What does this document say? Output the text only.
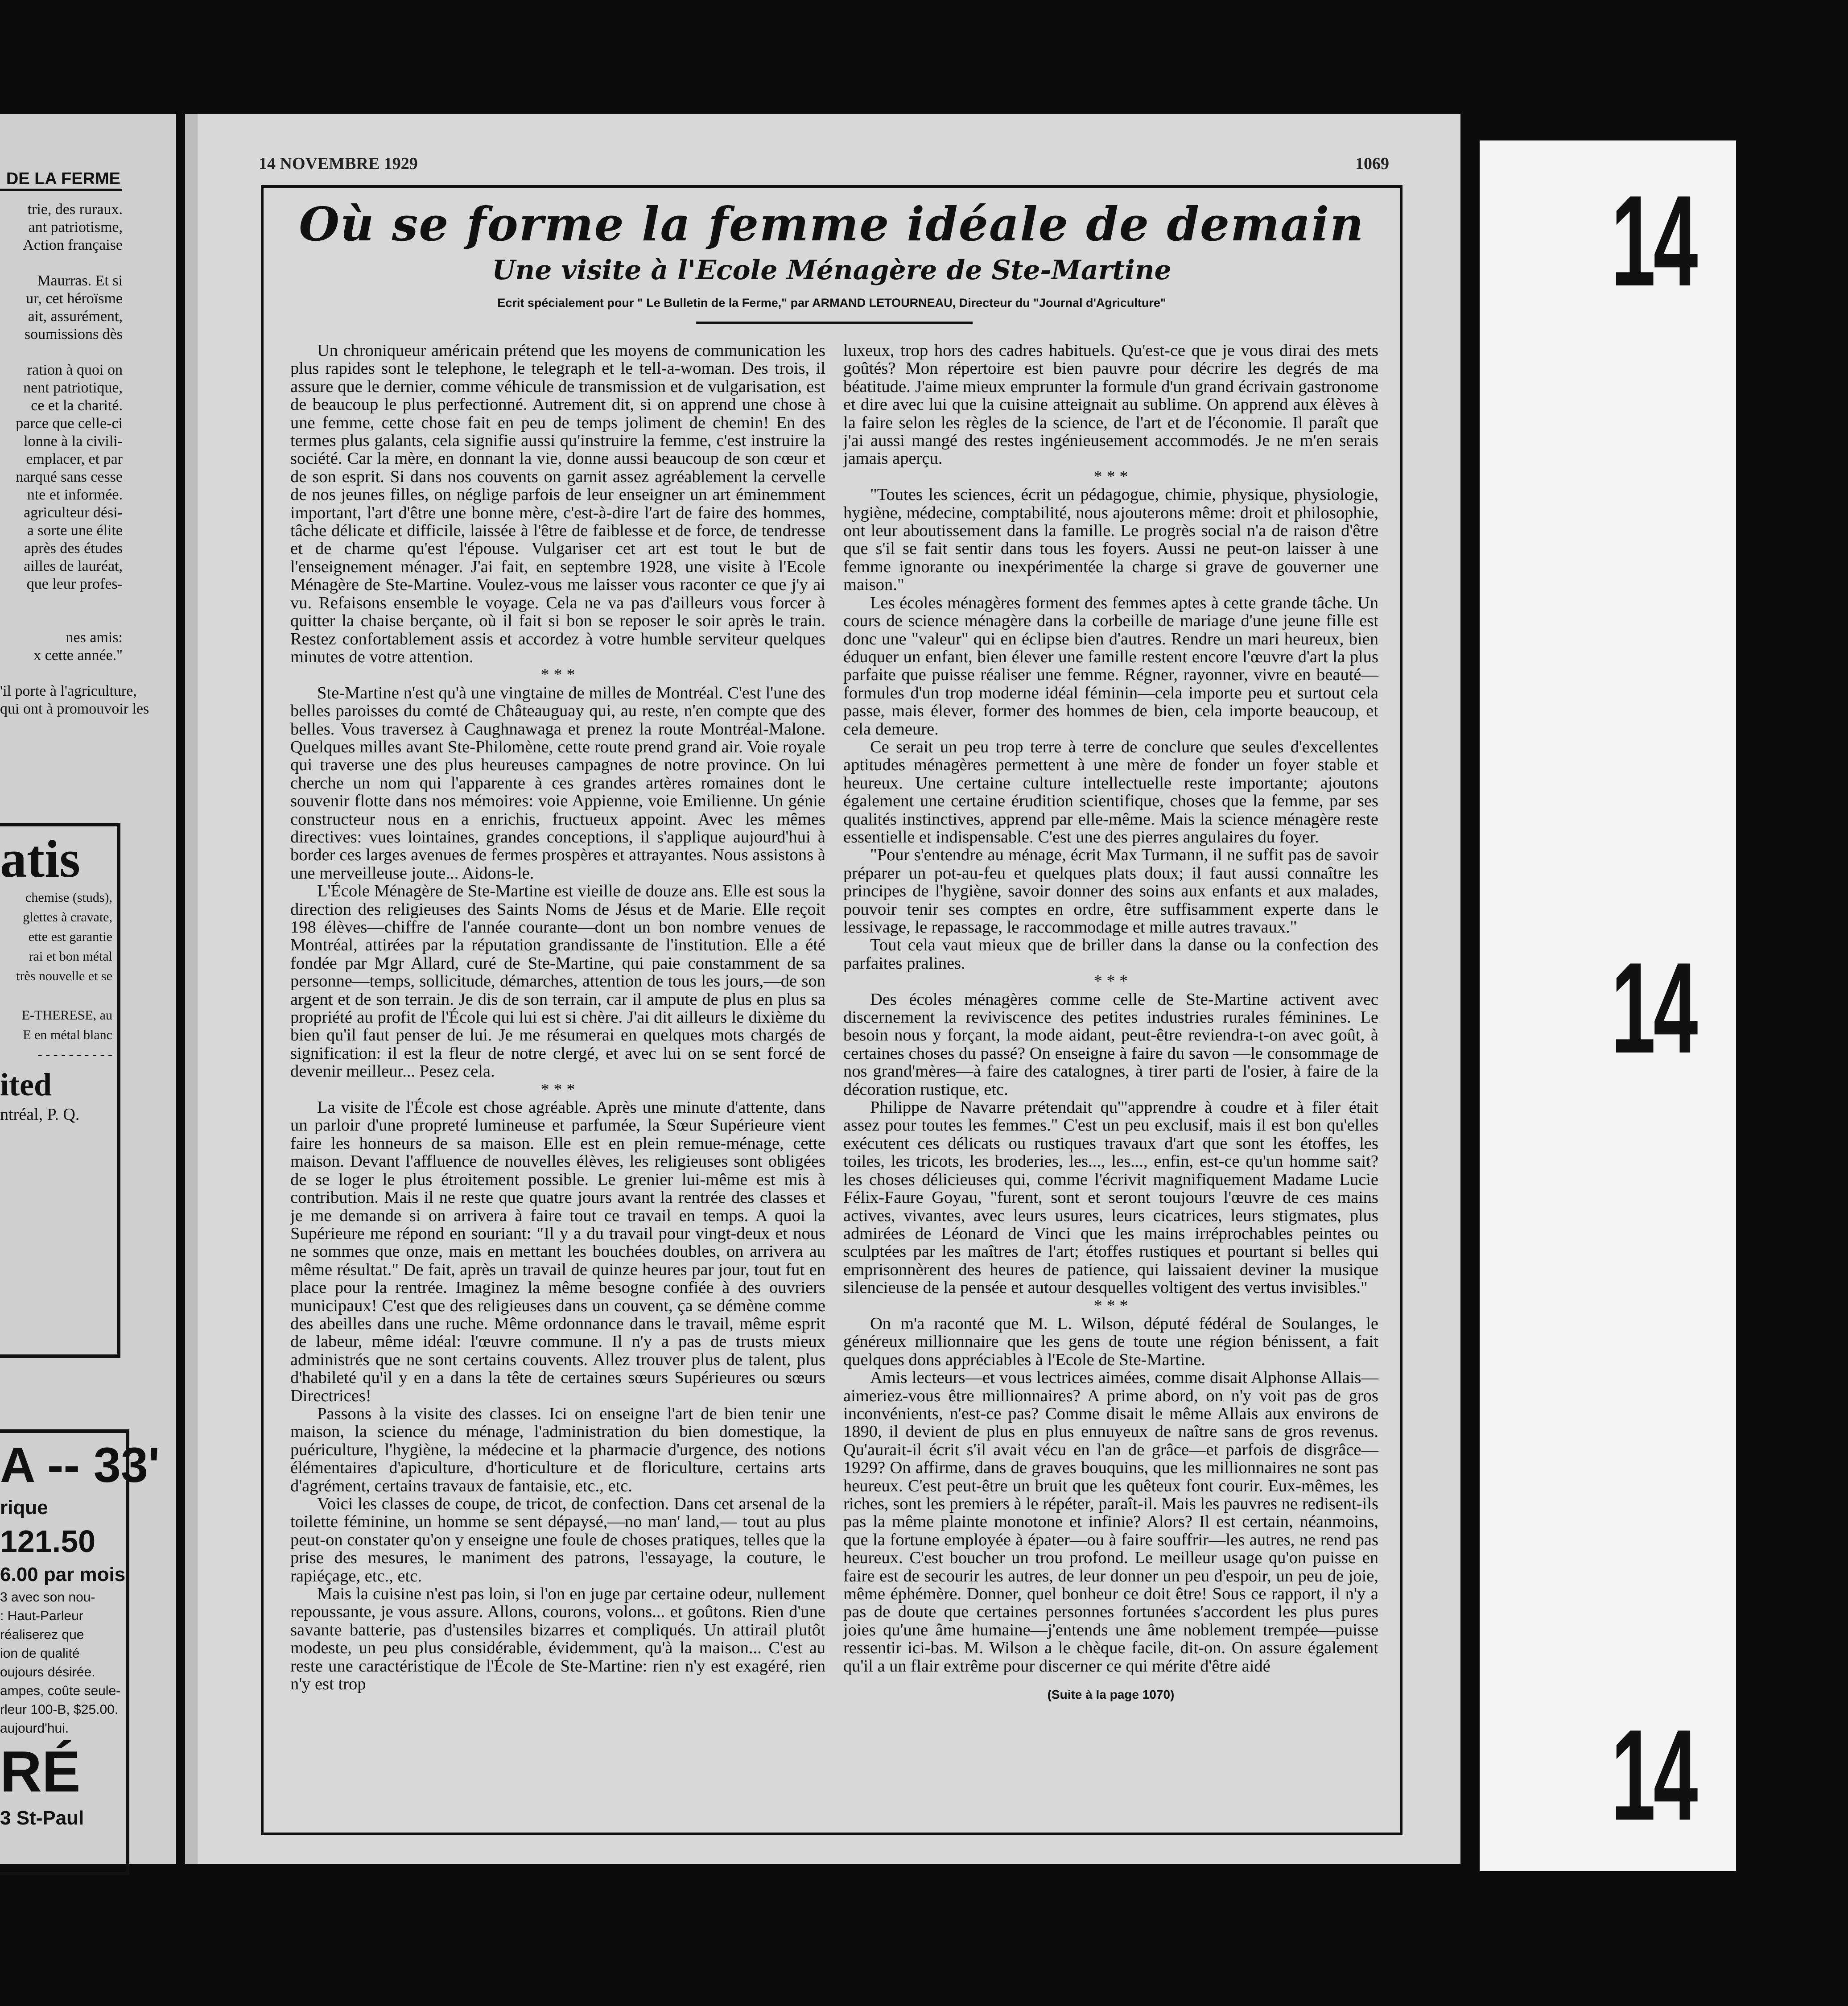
DE LA FERME
trie, des ruraux.
ant patriotisme,
Action française

Maurras. Et si
ur, cet héroïsme
ait, assurément,
soumissions dès

ration à quoi on
nent patriotique,
ce et la charité.
parce que celle-ci
lonne à la civili-
emplacer, et par
narqué sans cesse
nte et informée.
agriculteur dési-
a sorte une élite
après des études
ailles de lauréat,
que leur profes-

nes amis:
x cette année."

'il porte à l'agriculture,
qui ont à promouvoir les
atis
chemise (studs),
glettes à cravate,
ette est garantie
rai et bon métal
très nouvelle et se

E-THERESE, au
E en métal blanc
- - - - - - - - - -
ited
ntréal, P. Q.
A -- 33'
rique
121.50
6.00 par mois
3 avec son nou-
: Haut-Parleur
réaliserez que
ion de qualité
oujours désirée.
ampes, coûte seule-
rleur 100-B, $25.00.
aujourd'hui.
RÉ
3 St-Paul
14 NOVEMBRE 1929	1069
Où se forme la femme idéale de demain
Une visite à l'Ecole Ménagère de Ste-Martine
Ecrit spécialement pour " Le Bulletin de la Ferme," par ARMAND LETOURNEAU, Directeur du "Journal d'Agriculture"

Un chroniqueur américain prétend que les moyens de communication les plus rapides sont le telephone, le telegraph et le tell-a-woman. Des trois, il assure que le dernier, comme véhicule de transmission et de vulgarisation, est de beaucoup le plus perfectionné. Autrement dit, si on apprend une chose à une femme, cette chose fait en peu de temps joliment de chemin! En des termes plus galants, cela signifie aussi qu'instruire la femme, c'est instruire la société. Car la mère, en donnant la vie, donne aussi beaucoup de son cœur et de son esprit. Si dans nos couvents on garnit assez agréablement la cervelle de nos jeunes filles, on néglige parfois de leur enseigner un art éminemment important, l'art d'être une bonne mère, c'est-à-dire l'art de faire des hommes, tâche délicate et difficile, laissée à l'être de faiblesse et de force, de tendresse et de charme qu'est l'épouse. Vulgariser cet art est tout le but de l'enseignement ménager. J'ai fait, en septembre 1928, une visite à l'Ecole Ménagère de Ste-Martine. Voulez-vous me laisser vous raconter ce que j'y ai vu. Refaisons ensemble le voyage. Cela ne va pas d'ailleurs vous forcer à quitter la chaise berçante, où il fait si bon se reposer le soir après le train. Restez confortablement assis et accordez à votre humble serviteur quelques minutes de votre attention.

* * *

Ste-Martine n'est qu'à une vingtaine de milles de Montréal. C'est l'une des belles paroisses du comté de Châteauguay qui, au reste, n'en compte que des belles. Vous traversez à Caughnawaga et prenez la route Montréal-Malone. Quelques milles avant Ste-Philomène, cette route prend grand air. Voie royale qui traverse une des plus heureuses campagnes de notre province. On lui cherche un nom qui l'apparente à ces grandes artères romaines dont le souvenir flotte dans nos mémoires: voie Appienne, voie Emilienne. Un génie constructeur nous en a enrichis, fructueux appoint. Avec les mêmes directives: vues lointaines, grandes conceptions, il s'applique aujourd'hui à border ces larges avenues de fermes prospères et attrayantes. Nous assistons à une merveilleuse joute... Aidons-le.

L'École Ménagère de Ste-Martine est vieille de douze ans. Elle est sous la direction des religieuses des Saints Noms de Jésus et de Marie. Elle reçoit 198 élèves—chiffre de l'année courante—dont un bon nombre venues de Montréal, attirées par la réputation grandissante de l'institution. Elle a été fondée par Mgr Allard, curé de Ste-Martine, qui paie constamment de sa personne—temps, sollicitude, démarches, attention de tous les jours,—de son argent et de son terrain. Je dis de son terrain, car il ampute de plus en plus sa propriété au profit de l'École qui lui est si chère. J'ai dit ailleurs le dixième du bien qu'il faut penser de lui. Je me résumerai en quelques mots chargés de signification: il est la fleur de notre clergé, et avec lui on se sent forcé de devenir meilleur... Pesez cela.

* * *

La visite de l'École est chose agréable. Après une minute d'attente, dans un parloir d'une propreté lumineuse et parfumée, la Sœur Supérieure vient faire les honneurs de sa maison. Elle est en plein remue-ménage, cette maison. Devant l'affluence de nouvelles élèves, les religieuses sont obligées de se loger le plus étroitement possible. Le grenier lui-même est mis à contribution. Mais il ne reste que quatre jours avant la rentrée des classes et je me demande si on arrivera à faire tout ce travail en temps. A quoi la Supérieure me répond en souriant: "Il y a du travail pour vingt-deux et nous ne sommes que onze, mais en mettant les bouchées doubles, on arrivera au même résultat." De fait, après un travail de quinze heures par jour, tout fut en place pour la rentrée. Imaginez la même besogne confiée à des ouvriers municipaux! C'est que des religieuses dans un couvent, ça se démène comme des abeilles dans une ruche. Même ordonnance dans le travail, même esprit de labeur, même idéal: l'œuvre commune. Il n'y a pas de trusts mieux administrés que ne sont certains couvents. Allez trouver plus de talent, plus d'habileté qu'il y en a dans la tête de certaines sœurs Supérieures ou sœurs Directrices!

Passons à la visite des classes. Ici on enseigne l'art de bien tenir une maison, la science du ménage, l'administration du bien domestique, la puériculture, l'hygiène, la médecine et la pharmacie d'urgence, des notions élémentaires d'apiculture, d'horticulture et de floriculture, certains arts d'agrément, certains travaux de fantaisie, etc., etc.

Voici les classes de coupe, de tricot, de confection. Dans cet arsenal de la toilette féminine, un homme se sent dépaysé,—no man' land,— tout au plus peut-on constater qu'on y enseigne une foule de choses pratiques, telles que la prise des mesures, le maniment des patrons, l'essayage, la couture, le rapiéçage, etc., etc.

Mais la cuisine n'est pas loin, si l'on en juge par certaine odeur, nullement repoussante, je vous assure. Allons, courons, volons... et goûtons. Rien d'une savante batterie, pas d'ustensiles bizarres et compliqués. Un attirail plutôt modeste, un peu plus considérable, évidemment, qu'à la maison... C'est au reste une caractéristique de l'École de Ste-Martine: rien n'y est exagéré, rien n'y est trop

luxeux, trop hors des cadres habituels. Qu'est-ce que je vous dirai des mets goûtés? Mon répertoire est bien pauvre pour décrire les degrés de ma béatitude. J'aime mieux emprunter la formule d'un grand écrivain gastronome et dire avec lui que la cuisine atteignait au sublime. On apprend aux élèves à la faire selon les règles de la science, de l'art et de l'économie. Il paraît que j'ai aussi mangé des restes ingénieusement accommodés. Je ne m'en serais jamais aperçu.

* * *

"Toutes les sciences, écrit un pédagogue, chimie, physique, physiologie, hygiène, médecine, comptabilité, nous ajouterons même: droit et philosophie, ont leur aboutissement dans la famille. Le progrès social n'a de raison d'être que s'il se fait sentir dans tous les foyers. Aussi ne peut-on laisser à une femme ignorante ou inexpérimentée la charge si grave de gouverner une maison."

Les écoles ménagères forment des femmes aptes à cette grande tâche. Un cours de science ménagère dans la corbeille de mariage d'une jeune fille est donc une "valeur" qui en éclipse bien d'autres. Rendre un mari heureux, bien éduquer un enfant, bien élever une famille restent encore l'œuvre d'art la plus parfaite que puisse réaliser une femme. Régner, rayonner, vivre en beauté—formules d'un trop moderne idéal féminin—cela importe peu et surtout cela passe, mais élever, former des hommes de bien, cela importe beaucoup, et cela demeure.

Ce serait un peu trop terre à terre de conclure que seules d'excellentes aptitudes ménagères permettent à une mère de fonder un foyer stable et heureux. Une certaine culture intellectuelle reste importante; ajoutons également une certaine érudition scientifique, choses que la femme, par ses qualités instinctives, apprend par elle-même. Mais la science ménagère reste essentielle et indispensable. C'est une des pierres angulaires du foyer.

"Pour s'entendre au ménage, écrit Max Turmann, il ne suffit pas de savoir préparer un pot-au-feu et quelques plats doux; il faut aussi connaître les principes de l'hygiène, savoir donner des soins aux enfants et aux malades, pouvoir tenir ses comptes en ordre, être suffisamment experte dans le lessivage, le repassage, le raccommodage et mille autres travaux."

Tout cela vaut mieux que de briller dans la danse ou la confection des parfaites pralines.

* * *

Des écoles ménagères comme celle de Ste-Martine activent avec discernement la reviviscence des petites industries rurales féminines. Le besoin nous y forçant, la mode aidant, peut-être reviendra-t-on avec goût, à certaines choses du passé? On enseigne à faire du savon —le consommage de nos grand'mères—à faire des catalognes, à tirer parti de l'osier, à faire de la décoration rustique, etc.

Philippe de Navarre prétendait qu'"apprendre à coudre et à filer était assez pour toutes les femmes." C'est un peu exclusif, mais il est bon qu'elles exécutent ces délicats ou rustiques travaux d'art que sont les étoffes, les toiles, les tricots, les broderies, les..., les..., enfin, est-ce qu'un homme sait? les choses délicieuses qui, comme l'écrivit magnifiquement Madame Lucie Félix-Faure Goyau, "furent, sont et seront toujours l'œuvre de ces mains actives, vivantes, avec leurs usures, leurs cicatrices, leurs stigmates, plus admirées de Léonard de Vinci que les mains irréprochables peintes ou sculptées par les maîtres de l'art; étoffes rustiques et pourtant si belles qui emprisonnèrent des heures de patience, qui laissaient deviner la musique silencieuse de la pensée et autour desquelles voltigent des vertus invisibles."

* * *

On m'a raconté que M. L. Wilson, député fédéral de Soulanges, le généreux millionnaire que les gens de toute une région bénissent, a fait quelques dons appréciables à l'Ecole de Ste-Martine.

Amis lecteurs—et vous lectrices aimées, comme disait Alphonse Allais— aimeriez-vous être millionnaires? A prime abord, on n'y voit pas de gros inconvénients, n'est-ce pas? Comme disait le même Allais aux environs de 1890, il devient de plus en plus ennuyeux de naître sans de gros revenus. Qu'aurait-il écrit s'il avait vécu en l'an de grâce—et parfois de disgrâce—1929? On affirme, dans de graves bouquins, que les millionnaires ne sont pas heureux. C'est peut-être un bruit que les quêteux font courir. Eux-mêmes, les riches, sont les premiers à le répéter, paraît-il. Mais les pauvres ne redisent-ils pas la même plainte monotone et infinie? Alors? Il est certain, néanmoins, que la fortune employée à épater—ou à faire souffrir—les autres, ne rend pas heureux. C'est boucher un trou profond. Le meilleur usage qu'on puisse en faire est de secourir les autres, de leur donner un peu d'espoir, un peu de joie, même éphémère. Donner, quel bonheur ce doit être! Sous ce rapport, il n'y a pas de doute que certaines personnes fortunées s'accordent les plus pures joies qu'une âme humaine—j'entends une âme noblement trempée—puisse ressentir ici-bas. M. Wilson a le chèque facile, dit-on. On assure également qu'il a un flair extrême pour discerner ce qui mérite d'être aidé

(Suite à la page 1070)
14
14
14
